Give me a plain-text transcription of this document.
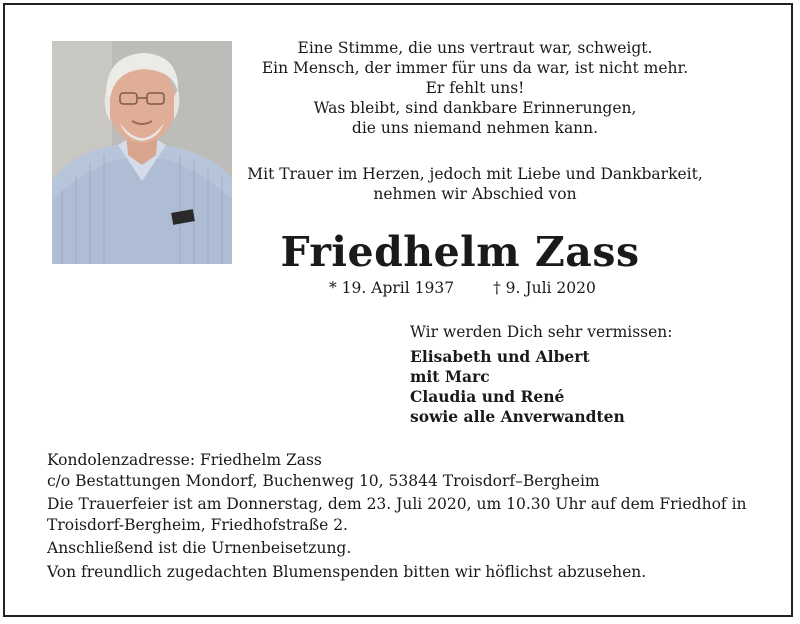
Eine Stimme, die uns vertraut war, schweigt.
Ein Mensch, der immer für uns da war, ist nicht mehr.
Er fehlt uns!
Was bleibt, sind dankbare Erinnerungen,
die uns niemand nehmen kann.
Mit Trauer im Herzen, jedoch mit Liebe und Dankbarkeit,
nehmen wir Abschied von
Friedhelm Zass
* 19. April 1937	† 9. Juli 2020
Wir werden Dich sehr vermissen:
Elisabeth und Albert
mit Marc
Claudia und René
sowie alle Anverwandten
Kondolenzadresse: Friedhelm Zass
c/o Bestattungen Mondorf, Buchenweg 10, 53844 Troisdorf–Bergheim
Die Trauerfeier ist am Donnerstag, dem 23. Juli 2020, um 10.30 Uhr auf dem Friedhof in
Troisdorf-Bergheim, Friedhofstraße 2.
Anschließend ist die Urnenbeisetzung.
Von freundlich zugedachten Blumenspenden bitten wir höflichst abzusehen.
